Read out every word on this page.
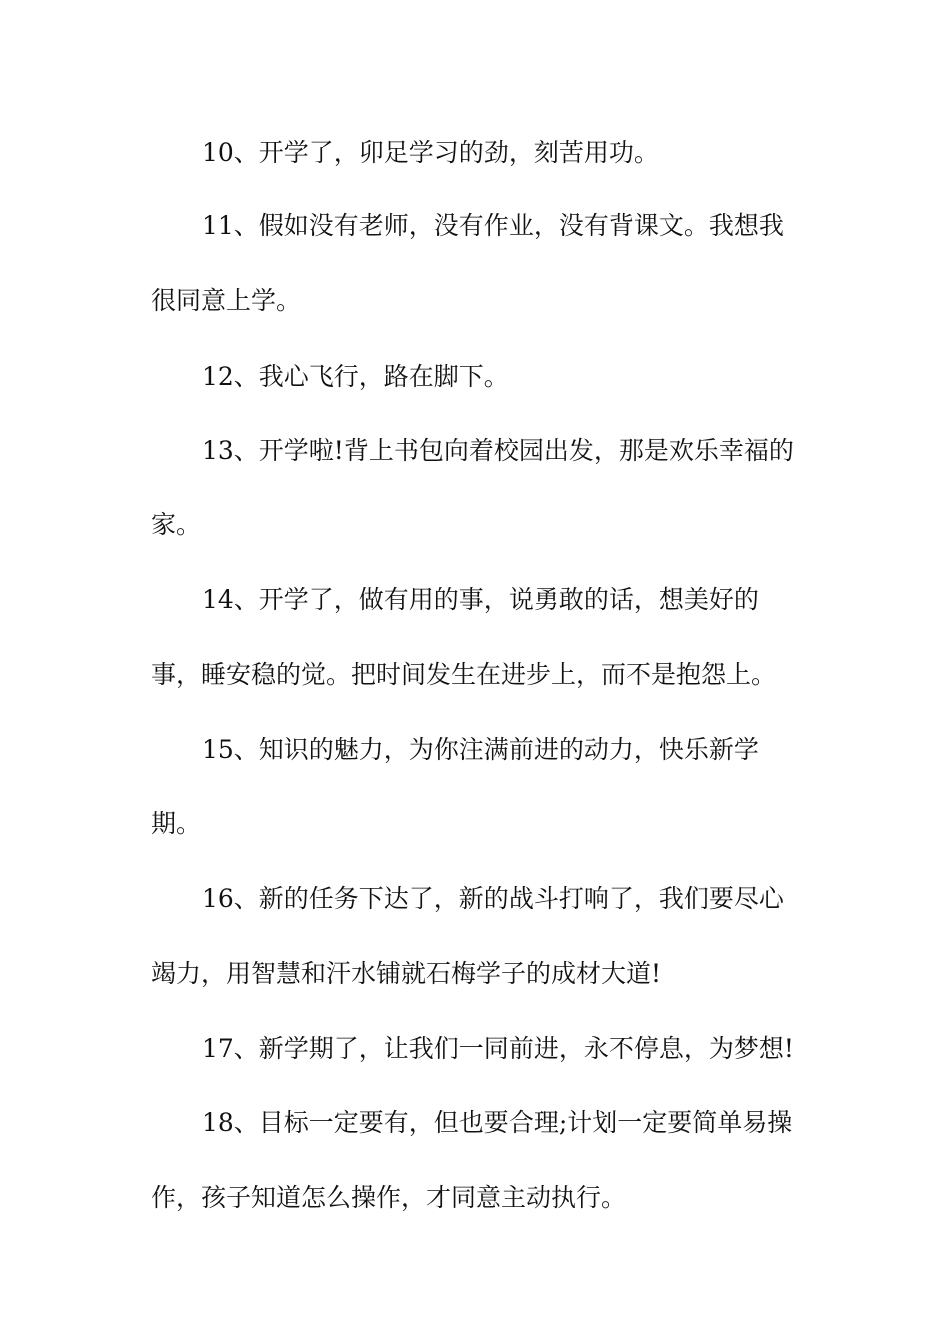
10、开学了，卯足学习的劲，刻苦用功。
11、假如没有老师，没有作业，没有背课文。我想我
很同意上学。
12、我心飞行，路在脚下。
13、开学啦!背上书包向着校园出发，那是欢乐幸福的
家。
14、开学了，做有用的事，说勇敢的话，想美好的
事，睡安稳的觉。把时间发生在进步上，而不是抱怨上。
15、知识的魅力，为你注满前进的动力，快乐新学
期。
16、新的任务下达了，新的战斗打响了，我们要尽心
竭力，用智慧和汗水铺就石梅学子的成材大道!
17、新学期了，让我们一同前进，永不停息，为梦想!
18、目标一定要有，但也要合理;计划一定要简单易操
作，孩子知道怎么操作，才同意主动执行。
